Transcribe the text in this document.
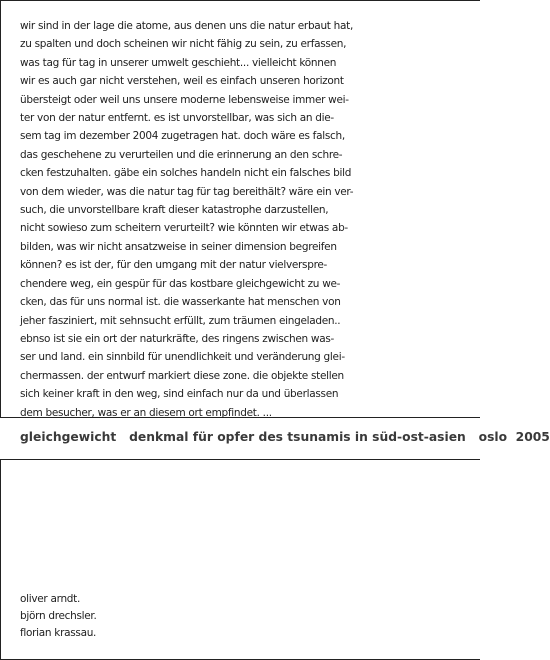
wir sind in der lage die atome, aus denen uns die natur erbaut hat,
zu spalten und doch scheinen wir nicht fähig zu sein, zu erfassen,
was tag für tag in unserer umwelt geschieht... vielleicht können
wir es auch gar nicht verstehen, weil es einfach unseren horizont
übersteigt oder weil uns unsere moderne lebensweise immer wei-
ter von der natur entfernt. es ist unvorstellbar, was sich an die-
sem tag im dezember 2004 zugetragen hat. doch wäre es falsch,
das geschehene zu verurteilen und die erinnerung an den schre-
cken festzuhalten. gäbe ein solches handeln nicht ein falsches bild
von dem wieder, was die natur tag für tag bereithält? wäre ein ver-
such, die unvorstellbare kraft dieser katastrophe darzustellen,
nicht sowieso zum scheitern verurteilt? wie könnten wir etwas ab-
bilden, was wir nicht ansatzweise in seiner dimension begreifen
können? es ist der, für den umgang mit der natur vielverspre-
chendere weg, ein gespür für das kostbare gleichgewicht zu we-
cken, das für uns normal ist. die wasserkante hat menschen von
jeher fasziniert, mit sehnsucht erfüllt, zum träumen eingeladen..
ebnso ist sie ein ort der naturkräfte, des ringens zwischen was-
ser und land. ein sinnbild für unendlichkeit und veränderung glei-
chermassen. der entwurf markiert diese zone. die objekte stellen
sich keiner kraft in den weg, sind einfach nur da und überlassen
dem besucher, was er an diesem ort empfindet. ...
gleichgewicht   denkmal für opfer des tsunamis in süd-ost-asien   oslo  2005
oliver arndt.
björn drechsler.
florian krassau.
